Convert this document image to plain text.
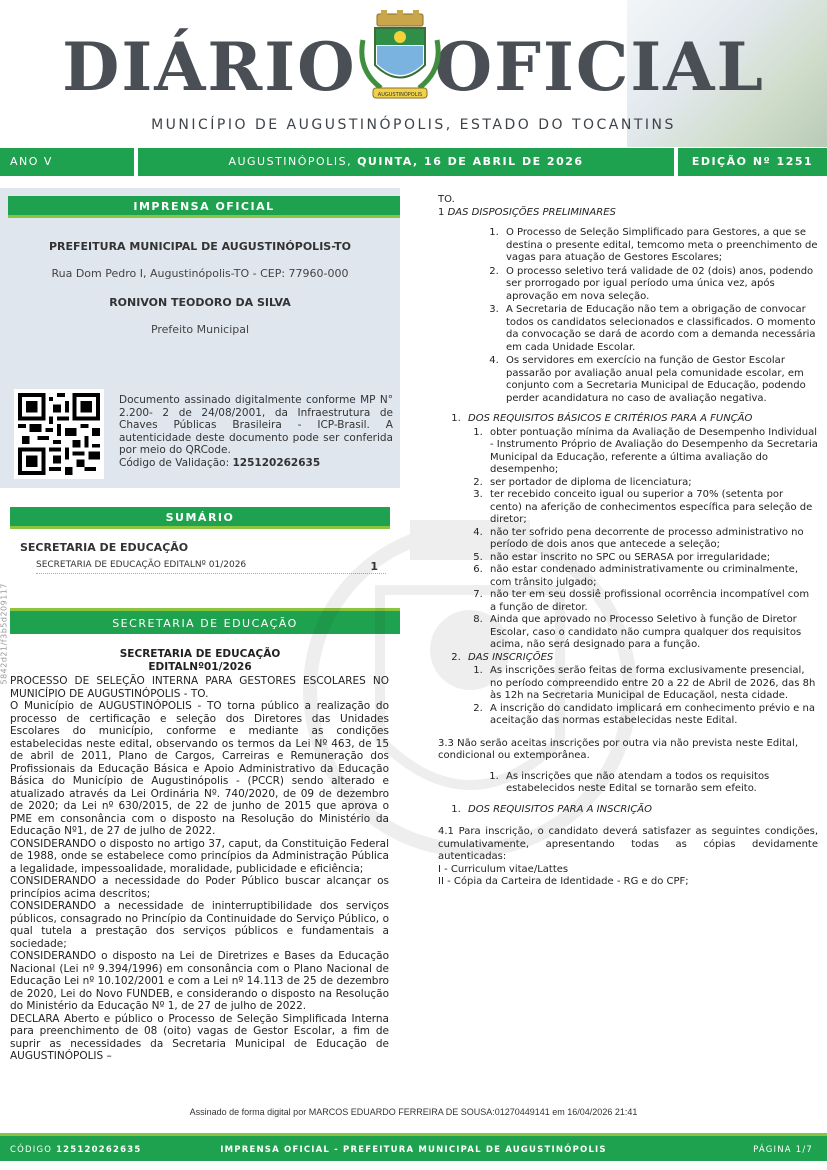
DIÁRIO OFICIAL
AUGUSTINÓPOLIS
MUNICÍPIO DE AUGUSTINÓPOLIS, ESTADO DO TOCANTINS
ANO V	AUGUSTINÓPOLIS, QUINTA, 16 DE ABRIL DE 2026	EDIÇÃO Nº 1251
IMPRENSA OFICIAL
PREFEITURA MUNICIPAL DE AUGUSTINÓPOLIS-TO
Rua Dom Pedro I, Augustinópolis-TO - CEP: 77960-000
RONIVON TEODORO DA SILVA
Prefeito Municipal
Documento assinado digitalmente conforme MP N° 2.200- 2 de 24/08/2001, da Infraestrutura de Chaves Públicas Brasileira - ICP-Brasil. A autenticidade deste documento pode ser conferida por meio do QRCode.
Código de Validação: 125120262635
SUMÁRIO
SECRETARIA DE EDUCAÇÃO
SECRETARIA DE EDUCAÇÃO EDITALNº 01/2026	1
SECRETARIA DE EDUCAÇÃO
SECRETARIA DE EDUCAÇÃO
EDITALNº01/2026

PROCESSO DE SELEÇÃO INTERNA PARA GESTORES ESCOLARES NO MUNICÍPIO DE AUGUSTINÓPOLIS - TO.

O Município de AUGUSTINÓPOLIS - TO torna público a realização do processo de certificação e seleção dos Diretores das Unidades Escolares do município, conforme e mediante as condições estabelecidas neste edital, observando os termos da Lei Nº 463, de 15 de abril de 2011, Plano de Cargos, Carreiras e Remuneração dos Profissionais da Educação Básica e Apoio Administrativo da Educação Básica do Município de Augustinópolis - (PCCR) sendo alterado e atualizado através da Lei Ordinária Nº. 740/2020, de 09 de dezembro de 2020; da Lei nº 630/2015, de 22 de junho de 2015 que aprova o PME em consonância com o disposto na Resolução do Ministério da Educação Nº1, de 27 de julho de 2022.

CONSIDERANDO o disposto no artigo 37, caput, da Constituição Federal de 1988, onde se estabelece como princípios da Administração Pública a legalidade, impessoalidade, moralidade, publicidade e eficiência;

CONSIDERANDO a necessidade do Poder Público buscar alcançar os princípios acima descritos;

CONSIDERANDO a necessidade de ininterruptibilidade dos serviços públicos, consagrado no Princípio da Continuidade do Serviço Público, o qual tutela a prestação dos serviços públicos e fundamentais a sociedade;

CONSIDERANDO o disposto na Lei de Diretrizes e Bases da Educação Nacional (Lei nº 9.394/1996) em consonância com o Plano Nacional de Educação Lei nº 10.102/2001 e com a Lei nº 14.113 de 25 de dezembro de 2020, Lei do Novo FUNDEB, e considerando o disposto na Resolução do Ministério da Educação Nº 1, de 27 de julho de 2022.

DECLARA Aberto e público o Processo de Seleção Simplificada Interna para preenchimento de 08 (oito) vagas de Gestor Escolar, a fim de suprir as necessidades da Secretaria Municipal de Educação de AUGUSTINÓPOLIS –

5842d21/f3b5d209117

TO.

1 DAS DISPOSIÇÕES PRELIMINARES

1. O Processo de Seleção Simplificado para Gestores, a que se destina o presente edital, temcomo meta o preenchimento de vagas para atuação de Gestores Escolares;
2. O processo seletivo terá validade de 02 (dois) anos, podendo ser prorrogado por igual período uma única vez, após aprovação em nova seleção.
3. A Secretaria de Educação não tem a obrigação de convocar todos os candidatos selecionados e classificados. O momento da convocação se dará de acordo com a demanda necessária em cada Unidade Escolar.
4. Os servidores em exercício na função de Gestor Escolar passarão por avaliação anual pela comunidade escolar, em conjunto com a Secretaria Municipal de Educação, podendo perder acandidatura no caso de avaliação negativa.
1. DOS REQUISITOS BÁSICOS E CRITÉRIOS PARA A FUNÇÃO
1. obter pontuação mínima da Avaliação de Desempenho Individual - Instrumento Próprio de Avaliação do Desempenho da Secretaria Municipal da Educação, referente a última avaliação do desempenho;
2. ser portador de diploma de licenciatura;
3. ter recebido conceito igual ou superior a 70% (setenta por cento) na aferição de conhecimentos específica para seleção de diretor;
4. não ter sofrido pena decorrente de processo administrativo no período de dois anos que antecede a seleção;
5. não estar inscrito no SPC ou SERASA por irregularidade;
6. não estar condenado administrativamente ou criminalmente, com trânsito julgado;
7. não ter em seu dossiê profissional ocorrência incompatível com a função de diretor.
8. Ainda que aprovado no Processo Seletivo à função de Diretor Escolar, caso o candidato não cumpra qualquer dos requisitos acima, não será designado para a função.
2. DAS INSCRIÇÕES
1. As inscrições serão feitas de forma exclusivamente presencial, no período compreendido entre 20 a 22 de Abril de 2026, das 8h às 12h na Secretaria Municipal de Educaçãol, nesta cidade.
2. A inscrição do candidato implicará em conhecimento prévio e na aceitação das normas estabelecidas neste Edital.

3.3 Não serão aceitas inscrições por outra via não prevista neste Edital, condicional ou extemporânea.

1. As inscrições que não atendam a todos os requisitos estabelecidos neste Edital se tornarão sem efeito.
1. DOS REQUISITOS PARA A INSCRIÇÃO

4.1 Para inscrição, o candidato deverá satisfazer as seguintes condições, cumulativamente, apresentando todas as cópias devidamente autenticadas:

I - Curriculum vitae/Lattes

II - Cópia da Carteira de Identidade - RG e do CPF;

Assinado de forma digital por MARCOS EDUARDO FERREIRA DE SOUSA:01270449141 em 16/04/2026 21:41
CÓDIGO 125120262635	IMPRENSA OFICIAL - PREFEITURA MUNICIPAL DE AUGUSTINÓPOLIS	PÁGINA 1/7
